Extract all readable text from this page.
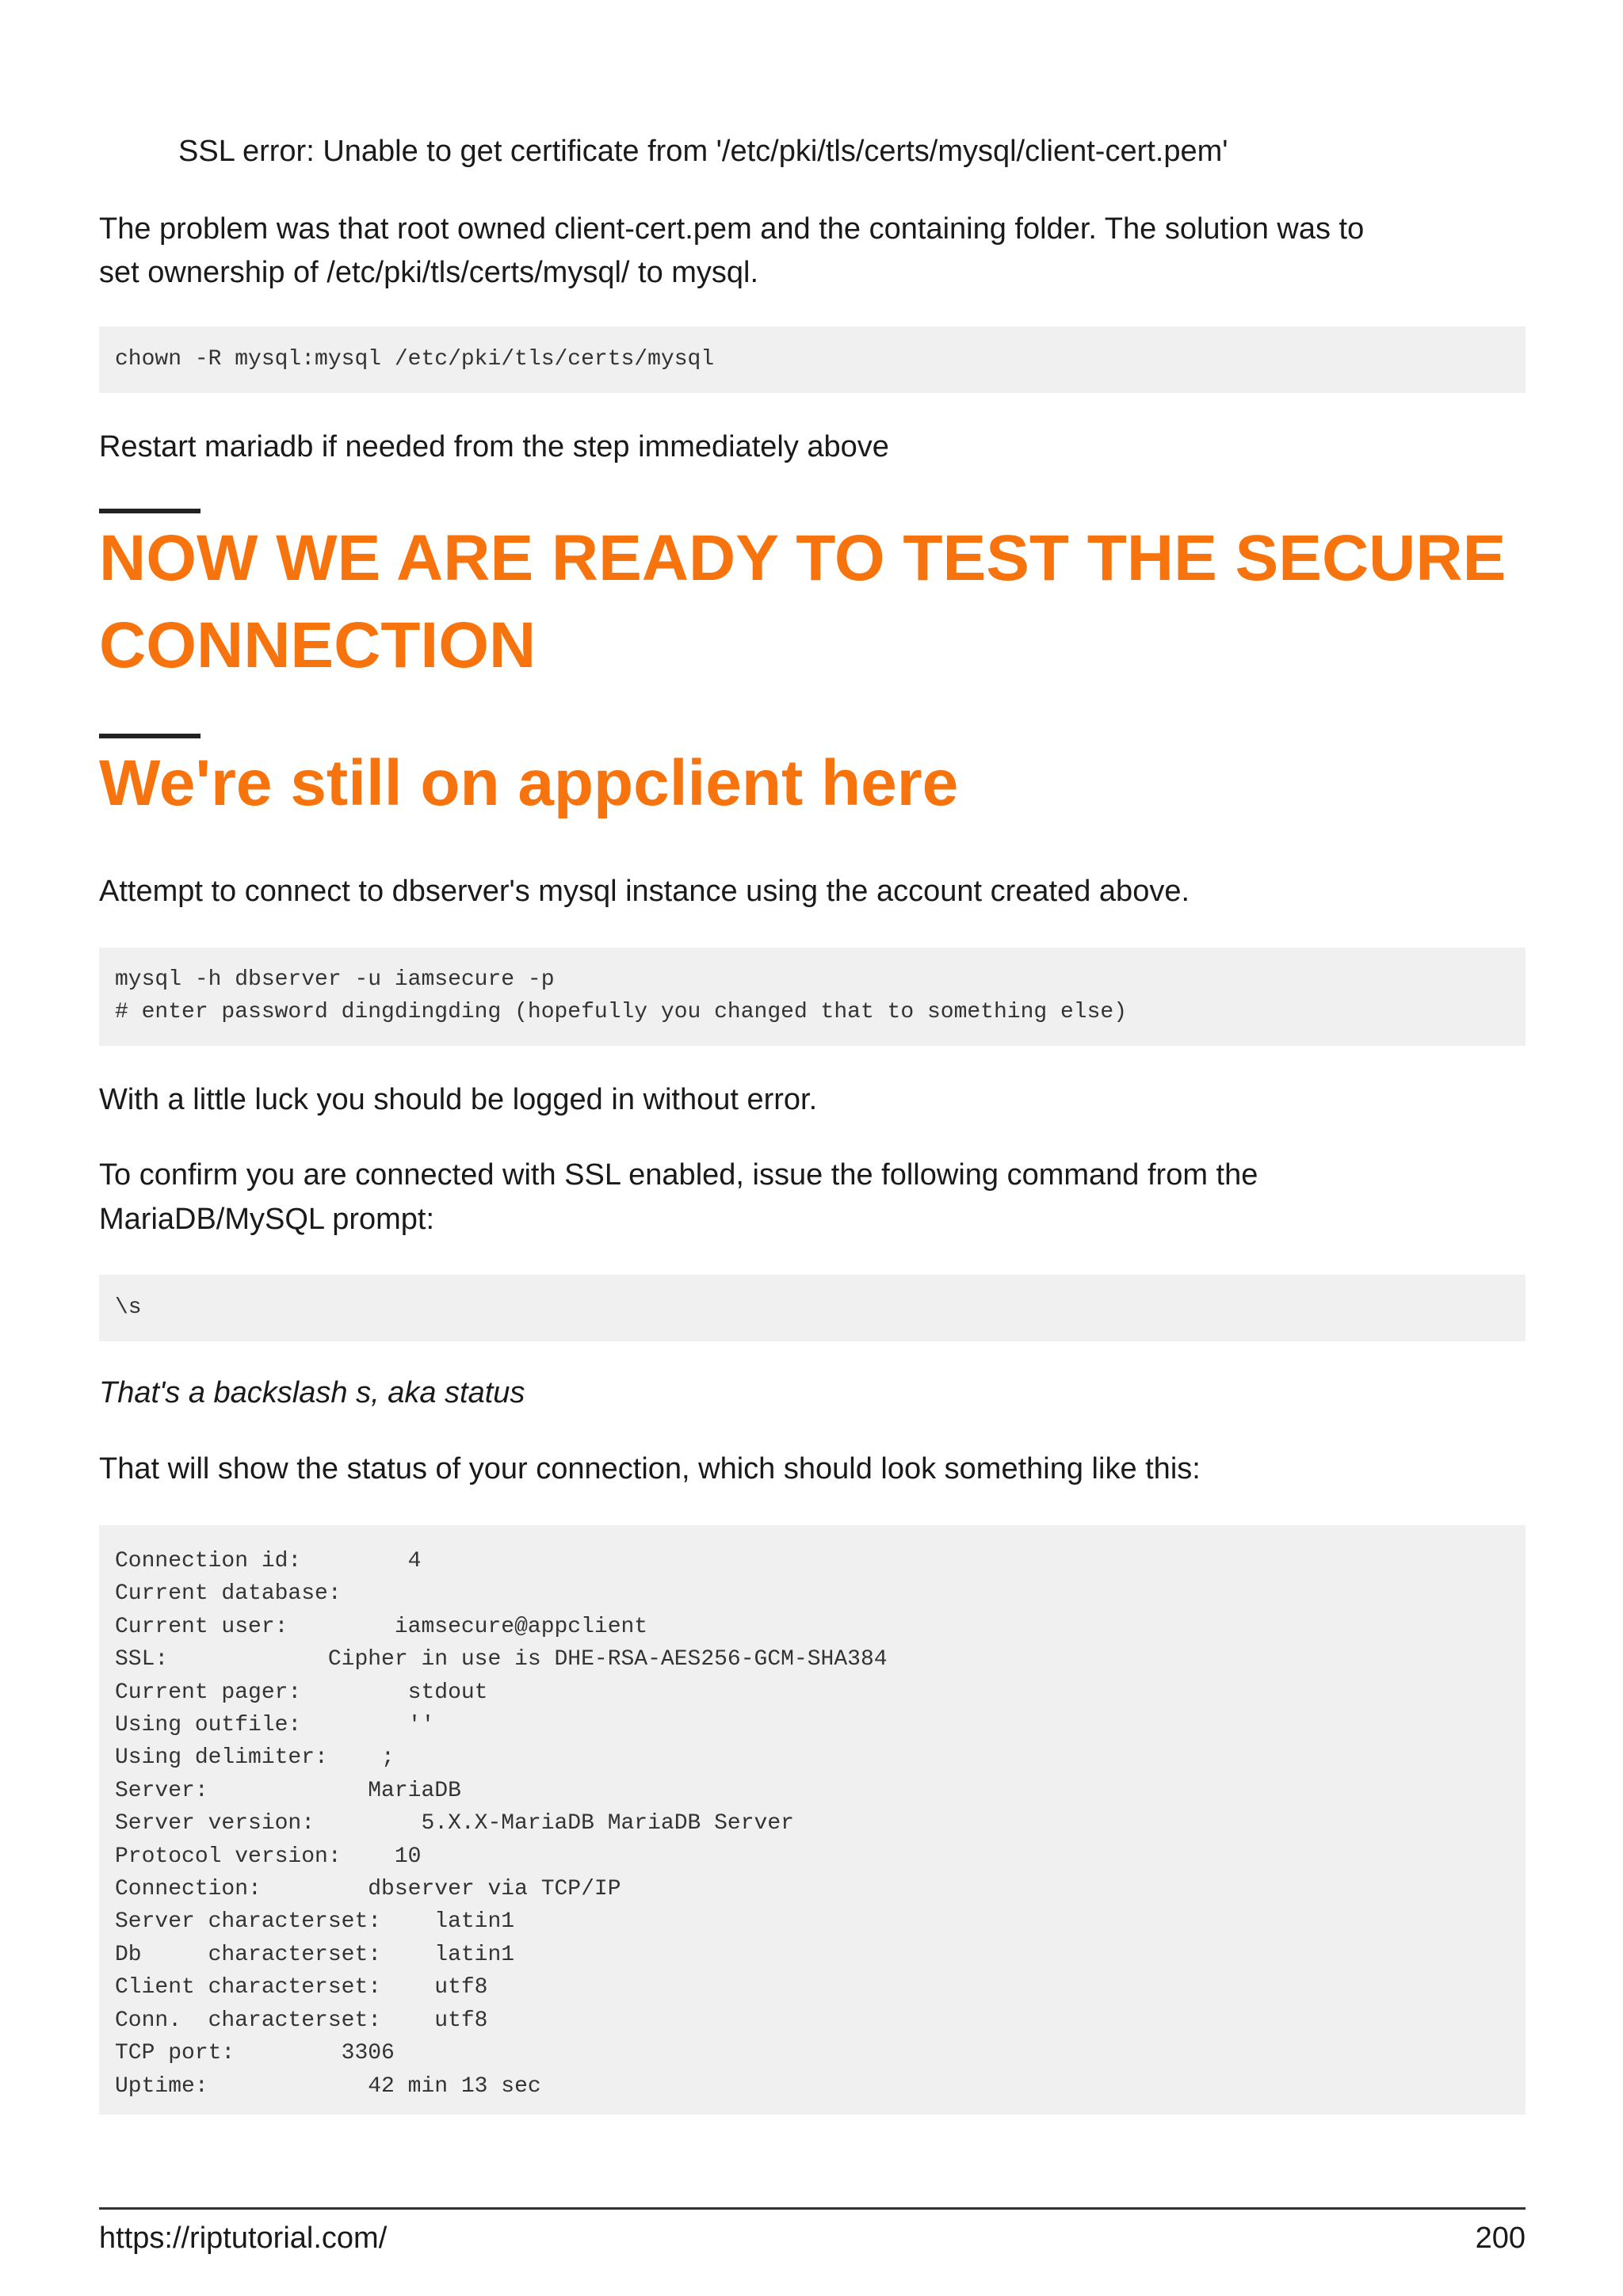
SSL error: Unable to get certificate from '/etc/pki/tls/certs/mysql/client-cert.pem'

The problem was that root owned client-cert.pem and the containing folder. The solution was to

set ownership of /etc/pki/tls/certs/mysql/ to mysql.

chown -R mysql:mysql /etc/pki/tls/certs/mysql

Restart mariadb if needed from the step immediately above

NOW WE ARE READY TO TEST THE SECURE
CONNECTION
We're still on appclient here

Attempt to connect to dbserver's mysql instance using the account created above.

mysql -h dbserver -u iamsecure -p
# enter password dingdingding (hopefully you changed that to something else)

With a little luck you should be logged in without error.

To confirm you are connected with SSL enabled, issue the following command from the

MariaDB/MySQL prompt:

\s

That's a backslash s, aka status

That will show the status of your connection, which should look something like this:

Connection id:        4
Current database:
Current user:        iamsecure@appclient
SSL:            Cipher in use is DHE-RSA-AES256-GCM-SHA384
Current pager:        stdout
Using outfile:        ''
Using delimiter:    ;
Server:            MariaDB
Server version:        5.X.X-MariaDB MariaDB Server
Protocol version:    10
Connection:        dbserver via TCP/IP
Server characterset:    latin1
Db     characterset:    latin1
Client characterset:    utf8
Conn.  characterset:    utf8
TCP port:        3306
Uptime:            42 min 13 sec

https://riptutorial.com/	200
